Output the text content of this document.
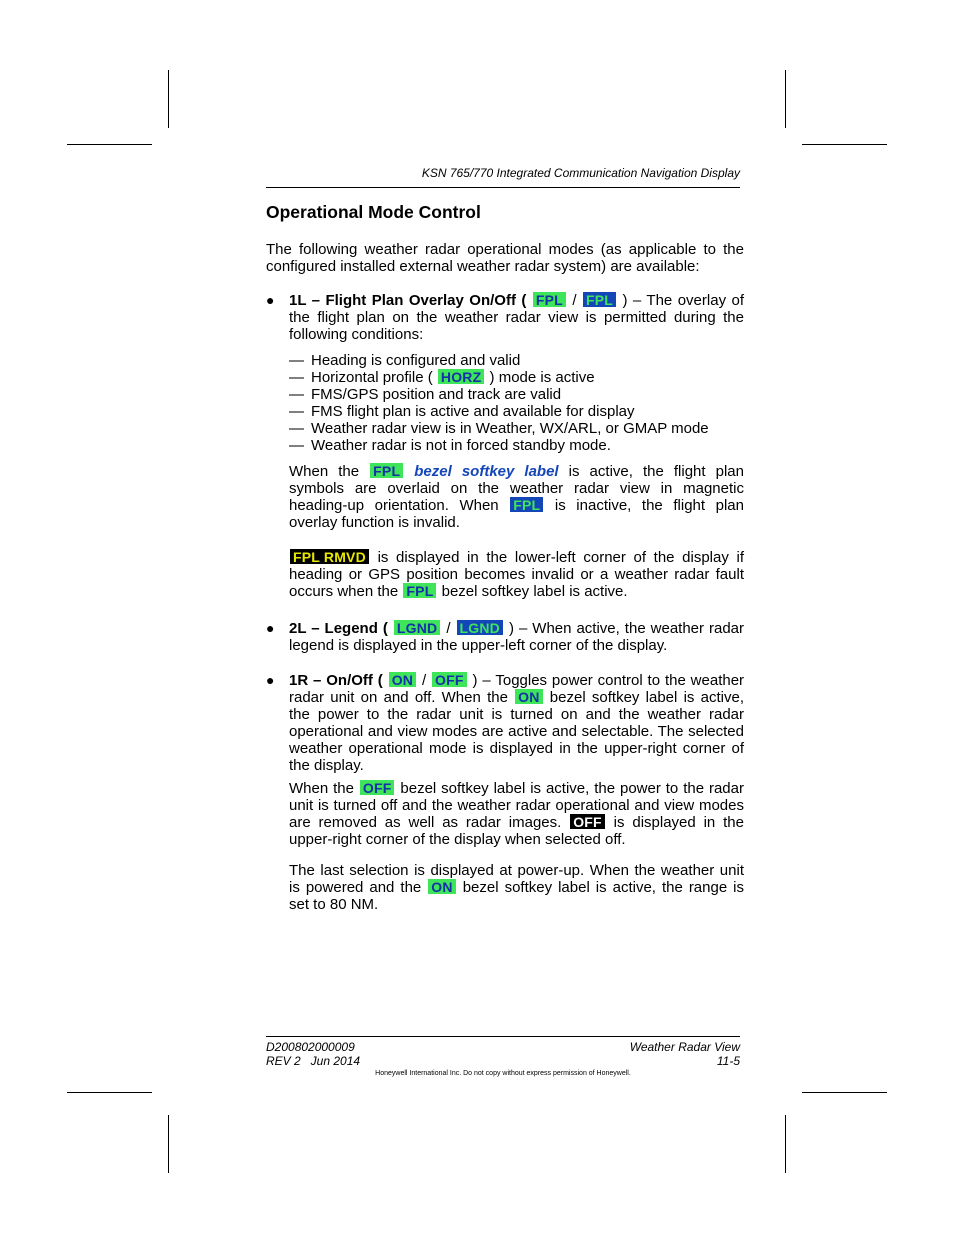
KSN 765/770 Integrated Communication Navigation Display
Operational Mode Control
The following weather radar operational modes (as applicable to the configured installed external weather radar system) are available:
● 1L – Flight Plan Overlay On/Off ( FPL / FPL ) – The overlay of the flight plan on the weather radar view is permitted during the following conditions:
— Heading is configured and valid
— Horizontal profile ( HORZ ) mode is active
— FMS/GPS position and track are valid
— FMS flight plan is active and available for display
— Weather radar view is in Weather, WX/ARL, or GMAP mode
— Weather radar is not in forced standby mode.
When the FPL bezel softkey label is active, the flight plan symbols are overlaid on the weather radar view in magnetic heading-up orientation. When FPL is inactive, the flight plan overlay function is invalid.
FPL RMVD is displayed in the lower-left corner of the display if heading or GPS position becomes invalid or a weather radar fault occurs when the FPL bezel softkey label is active.
● 2L – Legend ( LGND / LGND ) – When active, the weather radar legend is displayed in the upper-left corner of the display.
● 1R – On/Off ( ON / OFF ) – Toggles power control to the weather radar unit on and off. When the ON bezel softkey label is active, the power to the radar unit is turned on and the weather radar operational and view modes are active and selectable. The selected weather operational mode is displayed in the upper-right corner of the display.
When the OFF bezel softkey label is active, the power to the radar unit is turned off and the weather radar operational and view modes are removed as well as radar images. OFF is displayed in the upper-right corner of the display when selected off.
The last selection is displayed at power-up. When the weather unit is powered and the ON bezel softkey label is active, the range is set to 80 NM.
D200802000009
REV 2   Jun 2014
Weather Radar View
11-5
Honeywell International Inc. Do not copy without express permission of Honeywell.
